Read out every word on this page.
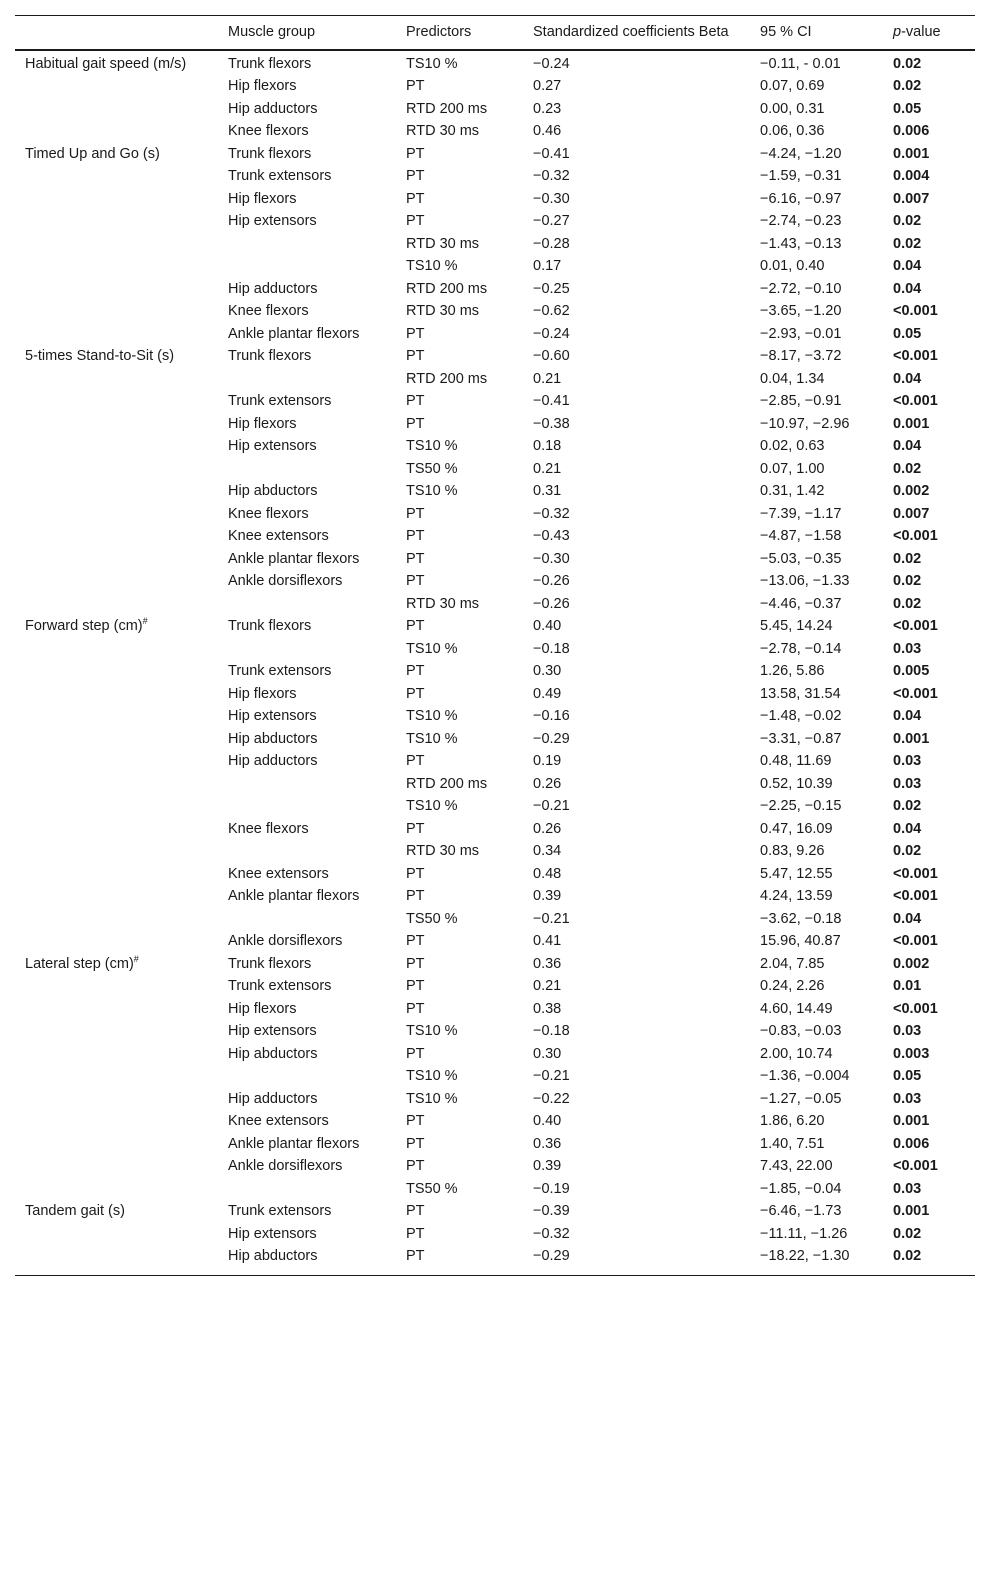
	Muscle group	Predictors	Standardized coefficients Beta	95 % CI	p-value
Habitual gait speed (m/s)	Trunk flexors	TS10 %	−0.24	−0.11, - 0.01	0.02
	Hip flexors	PT	0.27	0.07, 0.69	0.02
	Hip adductors	RTD 200 ms	0.23	0.00, 0.31	0.05
	Knee flexors	RTD 30 ms	0.46	0.06, 0.36	0.006
Timed Up and Go (s)	Trunk flexors	PT	−0.41	−4.24, −1.20	0.001
	Trunk extensors	PT	−0.32	−1.59, −0.31	0.004
	Hip flexors	PT	−0.30	−6.16, −0.97	0.007
	Hip extensors	PT	−0.27	−2.74, −0.23	0.02
		RTD 30 ms	−0.28	−1.43, −0.13	0.02
		TS10 %	0.17	0.01, 0.40	0.04
	Hip adductors	RTD 200 ms	−0.25	−2.72, −0.10	0.04
	Knee flexors	RTD 30 ms	−0.62	−3.65, −1.20	<0.001
	Ankle plantar flexors	PT	−0.24	−2.93, −0.01	0.05
5-times Stand-to-Sit (s)	Trunk flexors	PT	−0.60	−8.17, −3.72	<0.001
		RTD 200 ms	0.21	0.04, 1.34	0.04
	Trunk extensors	PT	−0.41	−2.85, −0.91	<0.001
	Hip flexors	PT	−0.38	−10.97, −2.96	0.001
	Hip extensors	TS10 %	0.18	0.02, 0.63	0.04
		TS50 %	0.21	0.07, 1.00	0.02
	Hip abductors	TS10 %	0.31	0.31, 1.42	0.002
	Knee flexors	PT	−0.32	−7.39, −1.17	0.007
	Knee extensors	PT	−0.43	−4.87, −1.58	<0.001
	Ankle plantar flexors	PT	−0.30	−5.03, −0.35	0.02
	Ankle dorsiflexors	PT	−0.26	−13.06, −1.33	0.02
		RTD 30 ms	−0.26	−4.46, −0.37	0.02
Forward step (cm)#	Trunk flexors	PT	0.40	5.45, 14.24	<0.001
		TS10 %	−0.18	−2.78, −0.14	0.03
	Trunk extensors	PT	0.30	1.26, 5.86	0.005
	Hip flexors	PT	0.49	13.58, 31.54	<0.001
	Hip extensors	TS10 %	−0.16	−1.48, −0.02	0.04
	Hip abductors	TS10 %	−0.29	−3.31, −0.87	0.001
	Hip adductors	PT	0.19	0.48, 11.69	0.03
		RTD 200 ms	0.26	0.52, 10.39	0.03
		TS10 %	−0.21	−2.25, −0.15	0.02
	Knee flexors	PT	0.26	0.47, 16.09	0.04
		RTD 30 ms	0.34	0.83, 9.26	0.02
	Knee extensors	PT	0.48	5.47, 12.55	<0.001
	Ankle plantar flexors	PT	0.39	4.24, 13.59	<0.001
		TS50 %	−0.21	−3.62, −0.18	0.04
	Ankle dorsiflexors	PT	0.41	15.96, 40.87	<0.001
Lateral step (cm)#	Trunk flexors	PT	0.36	2.04, 7.85	0.002
	Trunk extensors	PT	0.21	0.24, 2.26	0.01
	Hip flexors	PT	0.38	4.60, 14.49	<0.001
	Hip extensors	TS10 %	−0.18	−0.83, −0.03	0.03
	Hip abductors	PT	0.30	2.00, 10.74	0.003
		TS10 %	−0.21	−1.36, −0.004	0.05
	Hip adductors	TS10 %	−0.22	−1.27, −0.05	0.03
	Knee extensors	PT	0.40	1.86, 6.20	0.001
	Ankle plantar flexors	PT	0.36	1.40, 7.51	0.006
	Ankle dorsiflexors	PT	0.39	7.43, 22.00	<0.001
		TS50 %	−0.19	−1.85, −0.04	0.03
Tandem gait (s)	Trunk extensors	PT	−0.39	−6.46, −1.73	0.001
	Hip extensors	PT	−0.32	−11.11, −1.26	0.02
	Hip abductors	PT	−0.29	−18.22, −1.30	0.02
